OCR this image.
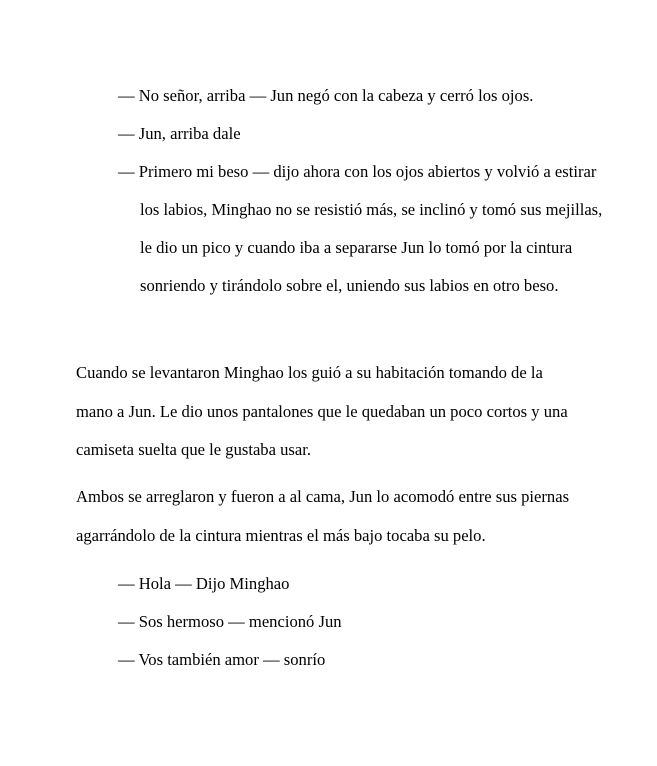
— No señor, arriba — Jun negó con la cabeza y cerró los ojos.

— Jun, arriba dale

— Primero mi beso — dijo ahora con los ojos abiertos y volvió a estirar los labios, Minghao no se resistió más, se inclinó y tomó sus mejillas, le dio un pico y cuando iba a separarse Jun lo tomó por la cintura sonriendo y tirándolo sobre el, uniendo sus labios en otro beso.

Cuando se levantaron Minghao los guió a su habitación tomando de la mano a Jun. Le dio unos pantalones que le quedaban un poco cortos y una camiseta suelta que le gustaba usar.

Ambos se arreglaron y fueron a al cama, Jun lo acomodó entre sus piernas agarrándolo de la cintura mientras el más bajo tocaba su pelo.

— Hola — Dijo Minghao

— Sos hermoso — mencionó Jun

— Vos también amor — sonrío
